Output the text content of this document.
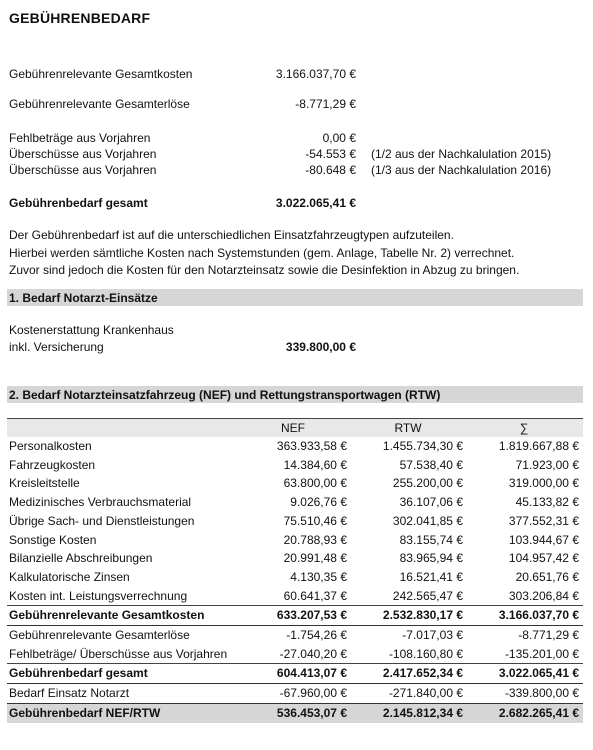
GEBÜHRENBEDARF
Gebührenrelevante Gesamtkosten	3.166.037,70 €
Gebührenrelevante Gesamterlöse	-8.771,29 €
Fehlbeträge aus Vorjahren	0,00 €
Überschüsse aus Vorjahren	-54.553 € (1/2 aus der Nachkalulation 2015)
Überschüsse aus Vorjahren	-80.648 € (1/3 aus der Nachkalulation 2016)
Gebührenbedarf gesamt	3.022.065,41 €
Der Gebührenbedarf ist auf die unterschiedlichen Einsatzfahrzeugtypen aufzuteilen.
Hierbei werden sämtliche Kosten nach Systemstunden (gem. Anlage, Tabelle Nr. 2) verrechnet.
Zuvor sind jedoch die Kosten für den Notarzteinsatz sowie die Desinfektion in Abzug zu bringen.
1. Bedarf Notarzt-Einsätze
Kostenerstattung Krankenhaus
inkl. Versicherung	339.800,00 €
2. Bedarf Notarzteinsatzfahrzeug (NEF) und Rettungstransportwagen (RTW)
	NEF	RTW	∑
Personalkosten	363.933,58 €	1.455.734,30 €	1.819.667,88 €
Fahrzeugkosten	14.384,60 €	57.538,40 €	71.923,00 €
Kreisleitstelle	63.800,00 €	255.200,00 €	319.000,00 €
Medizinisches Verbrauchsmaterial	9.026,76 €	36.107,06 €	45.133,82 €
Übrige Sach- und Dienstleistungen	75.510,46 €	302.041,85 €	377.552,31 €
Sonstige Kosten	20.788,93 €	83.155,74 €	103.944,67 €
Bilanzielle Abschreibungen	20.991,48 €	83.965,94 €	104.957,42 €
Kalkulatorische Zinsen	4.130,35 €	16.521,41 €	20.651,76 €
Kosten int. Leistungsverrechnung	60.641,37 €	242.565,47 €	303.206,84 €
Gebührenrelevante Gesamtkosten	633.207,53 €	2.532.830,17 €	3.166.037,70 €
Gebührenrelevante Gesamterlöse	-1.754,26 €	-7.017,03 €	-8.771,29 €
Fehlbeträge/ Überschüsse aus Vorjahren	-27.040,20 €	-108.160,80 €	-135.201,00 €
Gebührenbedarf gesamt	604.413,07 €	2.417.652,34 €	3.022.065,41 €
Bedarf Einsatz Notarzt	-67.960,00 €	-271.840,00 €	-339.800,00 €
Gebührenbedarf NEF/RTW	536.453,07 €	2.145.812,34 €	2.682.265,41 €
